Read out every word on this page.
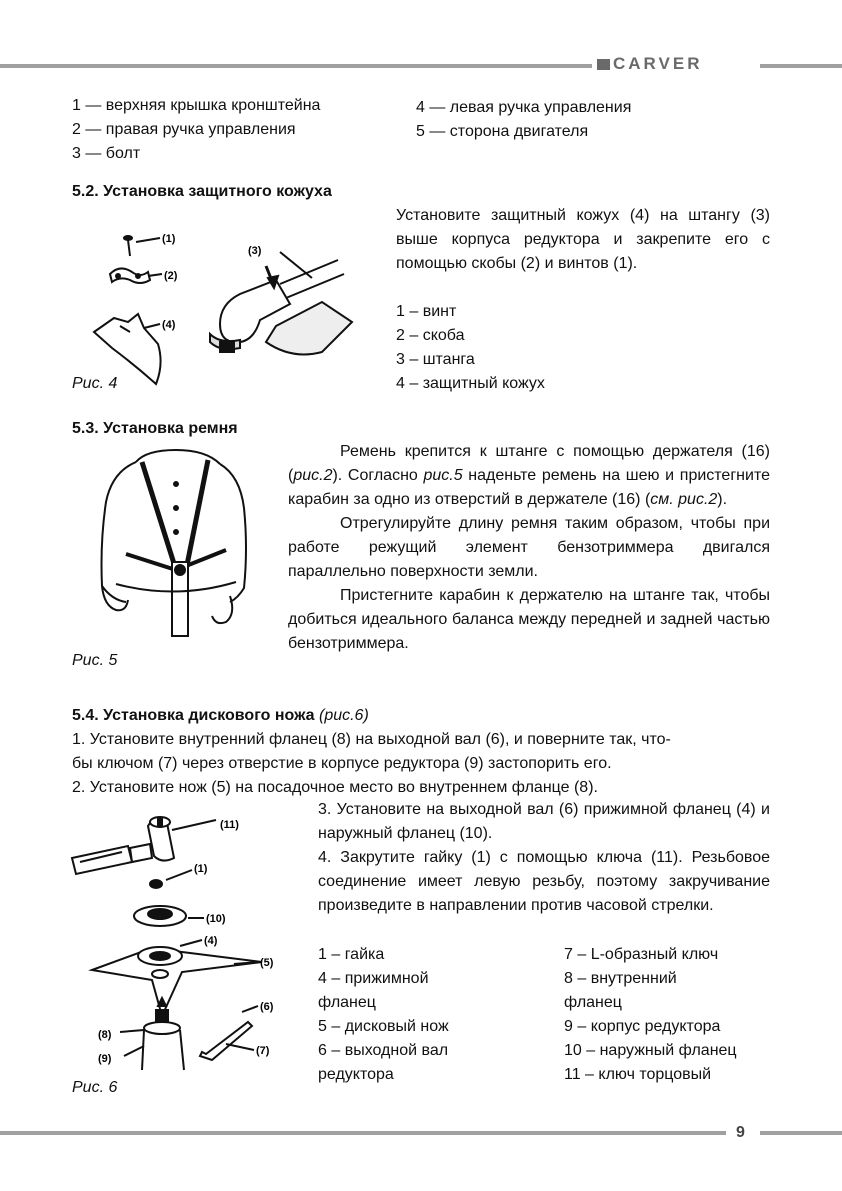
CARVER
1 — верхняя крышка кронштейна
2 — правая ручка управления
3 — болт
4 — левая ручка управления
5 — сторона двигателя
5.2. Установка защитного кожуха
Установите защитный кожух (4) на штангу (3) выше корпуса редуктора и закрепите его с помощью скобы (2) и винтов (1).
1 – винт
2 – скоба
3 – штанга
4 – защитный кожух
(1)
(2)
(4)
(3)
Рис. 4
5.3. Установка ремня

Ремень крепится к штанге с помощью держателя (16) (рис.2). Согласно рис.5 наденьте ремень на шею и пристегните карабин за одно из отверстий в держателе (16) (см. рис.2).

Отрегулируйте длину ремня таким образом, чтобы при работе режущий элемент бензотриммера двигался параллельно поверхности земли.

Пристегните карабин к держателю на штанге так, чтобы добиться идеального баланса между передней и задней частью бензотриммера.

Рис. 5
5.4. Установка дискового ножа (рис.6)
1. Установите внутренний фланец (8) на выходной вал (6), и поверните так, что-
бы ключом (7) через отверстие в корпусе редуктора (9) застопорить его.
2. Установите нож (5) на посадочное место во внутреннем фланце (8).
3. Установите на выходной вал (6) прижимной фланец (4) и наружный фланец (10).
4. Закрутите гайку (1) с помощью ключа (11). Резьбовое соединение имеет левую резьбу, поэтому закручивание произведите в направлении против часовой стрелки.
1 – гайка
4 – прижимной
фланец
5 – дисковый нож
6 – выходной вал
редуктора
7 – L-образный ключ
8 – внутренний
фланец
9 – корпус редуктора
10 – наружный фланец
11 – ключ торцовый
(11)
(1)
(10)
(4)
(5)
(8)
(9)
(6)
(7)
Рис. 6
9
